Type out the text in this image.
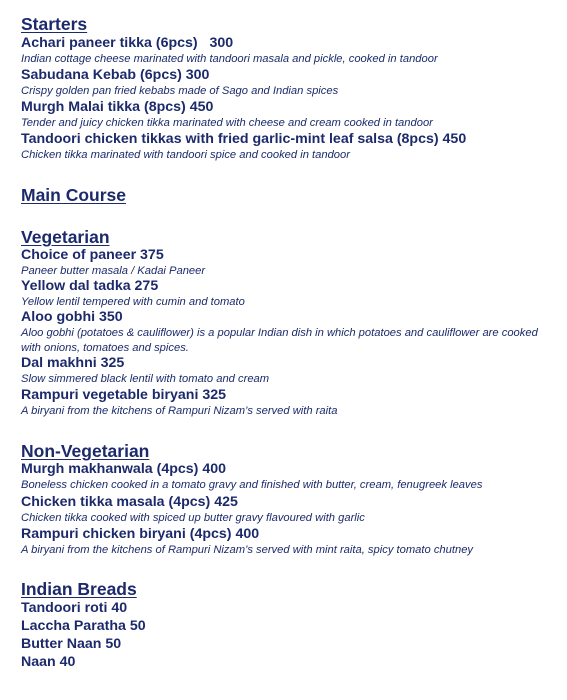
Starters
Achari paneer tikka (6pcs)   300
Indian cottage cheese marinated with tandoori masala and pickle, cooked in tandoor
Sabudana Kebab (6pcs) 300
Crispy golden pan fried kebabs made of Sago and Indian spices
Murgh Malai tikka (8pcs) 450
Tender and juicy chicken tikka marinated with cheese and cream cooked in tandoor
Tandoori chicken tikkas with fried garlic-mint leaf salsa (8pcs) 450
Chicken tikka marinated with tandoori spice and cooked in tandoor
Main Course
Vegetarian
Choice of paneer 375
Paneer butter masala / Kadai Paneer
Yellow dal tadka 275
Yellow lentil tempered with cumin and tomato
Aloo gobhi 350
Aloo gobhi (potatoes & cauliflower) is a popular Indian dish in which potatoes and cauliflower are cooked with onions, tomatoes and spices.
Dal makhni 325
Slow simmered black lentil with tomato and cream
Rampuri vegetable biryani 325
A biryani from the kitchens of Rampuri Nizam’s served with raita
Non-Vegetarian
Murgh makhanwala (4pcs) 400
Boneless chicken cooked in a tomato gravy and finished with butter, cream, fenugreek leaves
Chicken tikka masala (4pcs) 425
Chicken tikka cooked with spiced up butter gravy flavoured with garlic
Rampuri chicken biryani (4pcs) 400
A biryani from the kitchens of Rampuri Nizam’s served with mint raita, spicy tomato chutney
Indian Breads
Tandoori roti 40
Laccha Paratha 50
Butter Naan 50
Naan 40
